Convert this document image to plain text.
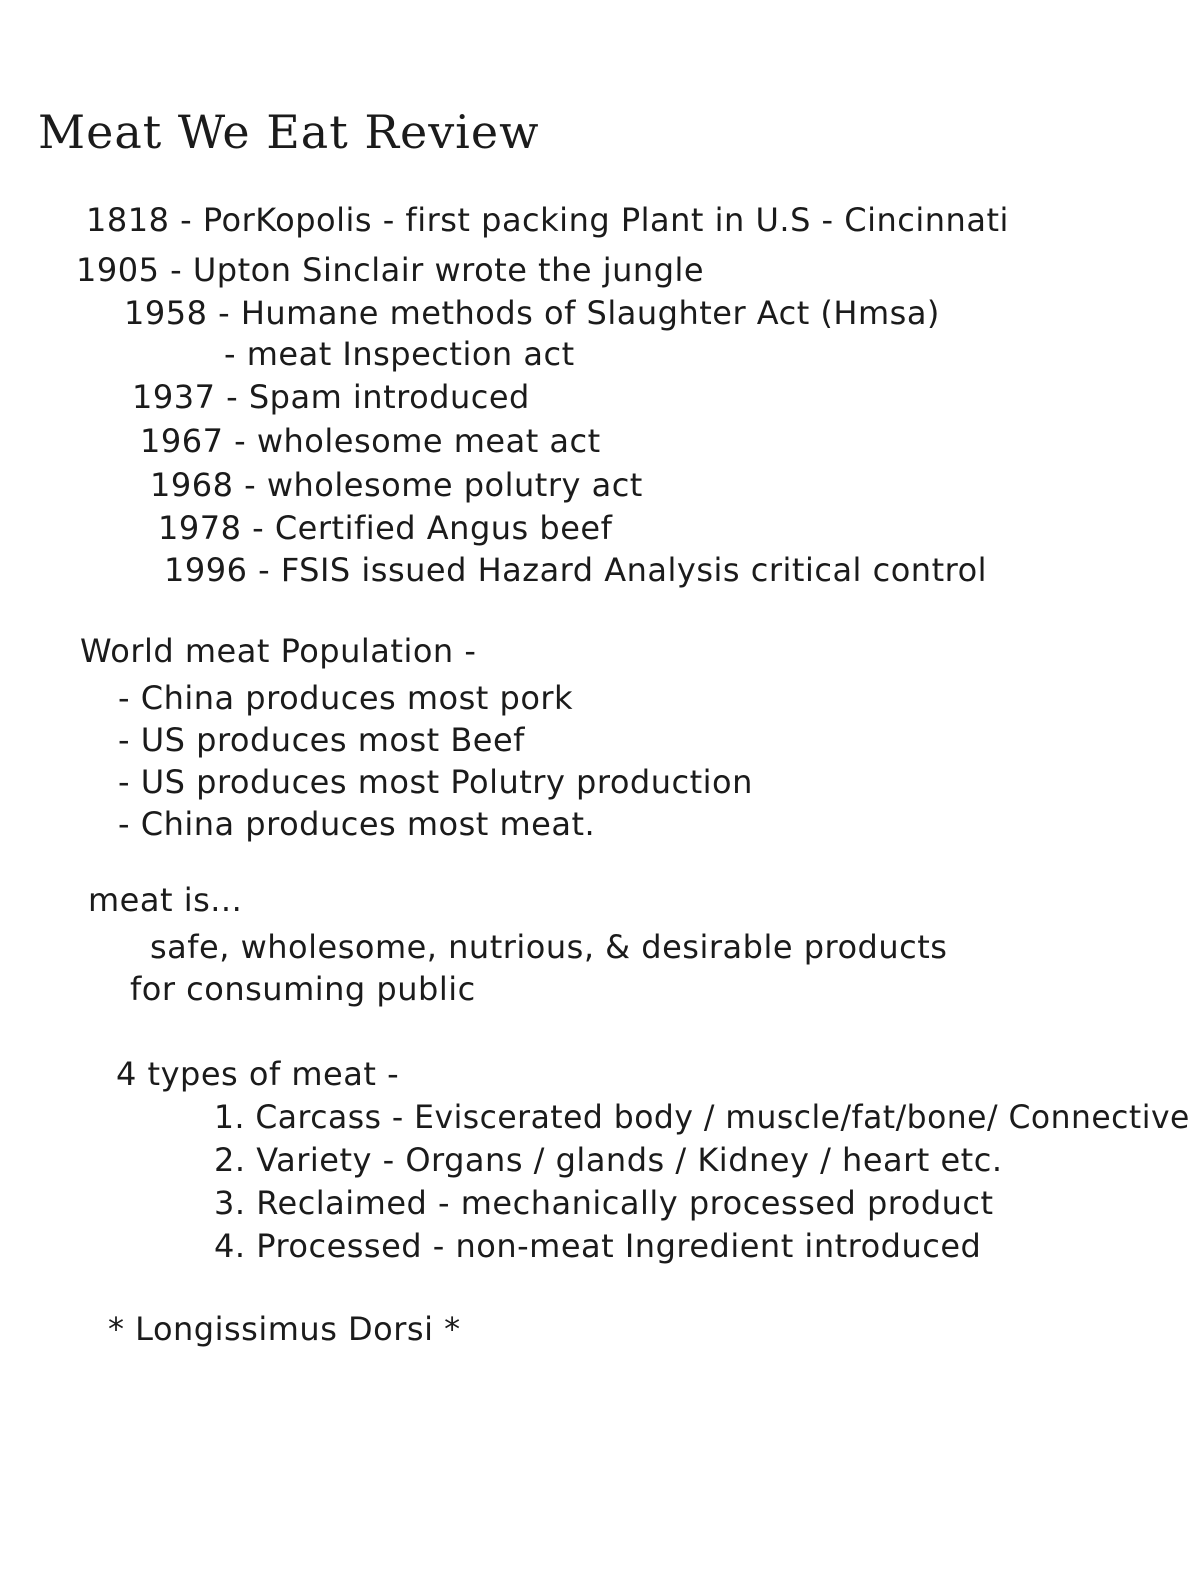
Meat We Eat Review
1818 - PorKopolis - first packing Plant in U.S - Cincinnati
1905 - Upton Sinclair wrote the jungle
1958 - Humane methods of Slaughter Act (Hmsa)
- meat Inspection act
1937 - Spam introduced
1967 - wholesome meat act
1968 - wholesome polutry act
1978 - Certified Angus beef
1996 - FSIS issued Hazard Analysis critical control
World meat Population -
- China produces most pork
- US produces most Beef
- US produces most Polutry production
- China produces most meat.
meat is...
safe, wholesome, nutrious, & desirable products
for consuming public
4 types of meat -
1. Carcass - Eviscerated body / muscle/fat/bone/ Connective
2. Variety - Organs / glands / Kidney / heart etc.
3. Reclaimed - mechanically processed product
4. Processed - non-meat Ingredient introduced
* Longissimus Dorsi *
